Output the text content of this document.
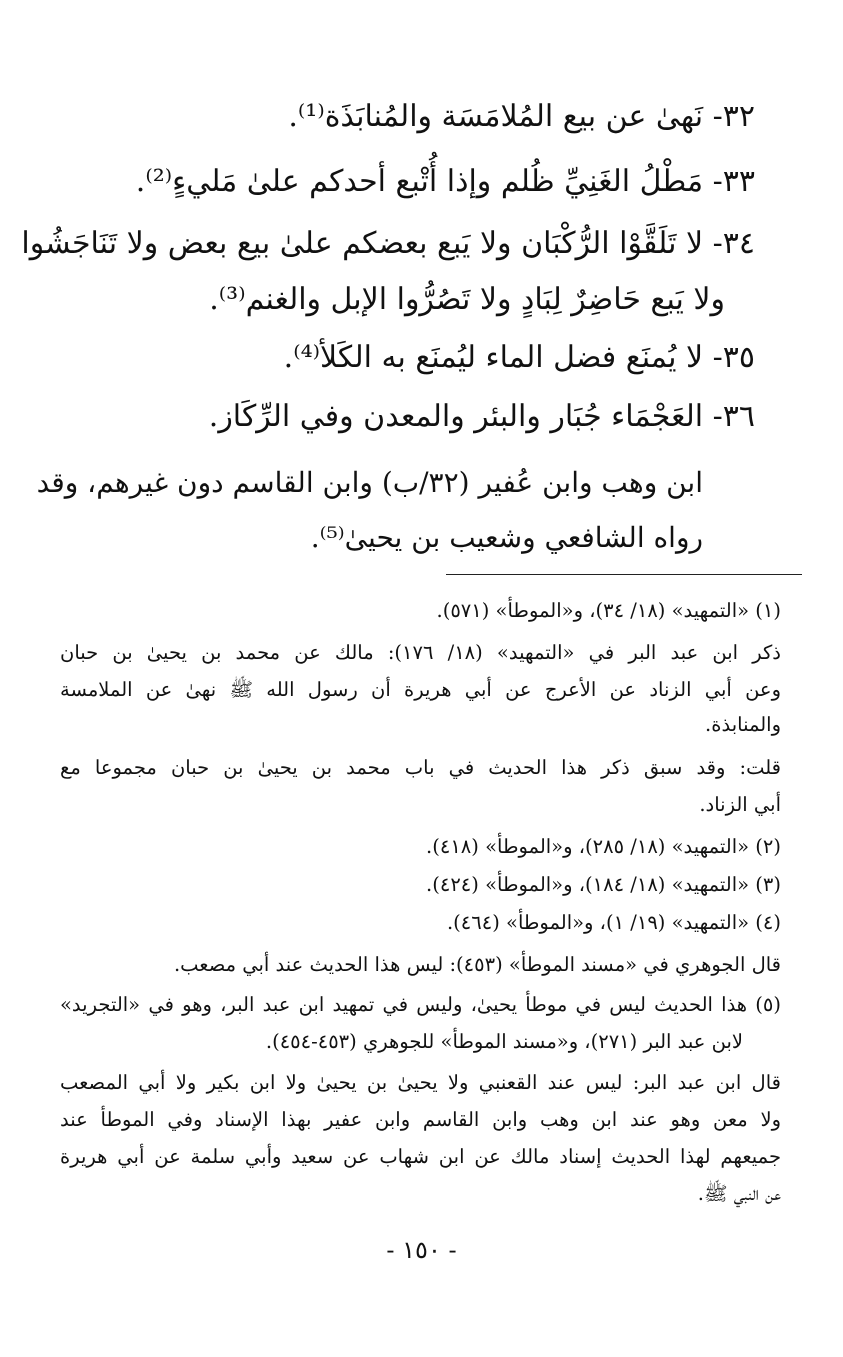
٣٢- نَهىٰ عن بيع المُلامَسَة والمُنابَذَة⁽¹⁾.
٣٣- مَطْلُ الغَنِيِّ ظُلم وإذا أُتْبع أحدكم علىٰ مَليءٍ⁽²⁾.
٣٤- لا تَلَقَّوْا الرُّكْبَان ولا يَبع بعضكم علىٰ بيع بعض ولا تَنَاجَشُوا
ولا يَبع حَاضِرٌ لِبَادٍ ولا تَصُرُّوا الإبل والغنم⁽³⁾.
٣٥- لا يُمنَع فضل الماء ليُمنَع به الكَلأ⁽⁴⁾.
٣٦- العَجْمَاء جُبَار والبئر والمعدن وفي الرِّكَاز.
ابن وهب وابن عُفير (٣٢/ب) وابن القاسم دون غيرهم، وقد
رواه الشافعي وشعيب بن يحيىٰ⁽⁵⁾.
(١) «التمهيد» (١٨/ ٣٤)، و«الموطأ» (٥٧١).
ذكر ابن عبد البر في «التمهيد» (١٨/ ١٧٦): مالك عن محمد بن يحيىٰ بن حبان
وعن أبي الزناد عن الأعرج عن أبي هريرة أن رسول الله ﷺ نهىٰ عن الملامسة
والمنابذة.
قلت: وقد سبق ذكر هذا الحديث في باب محمد بن يحيىٰ بن حبان مجموعا مع
أبي الزناد.
(٢) «التمهيد» (١٨/ ٢٨٥)، و«الموطأ» (٤١٨).
(٣) «التمهيد» (١٨/ ١٨٤)، و«الموطأ» (٤٢٤).
(٤) «التمهيد» (١٩/ ١)، و«الموطأ» (٤٦٤).
قال الجوهري في «مسند الموطأ» (٤٥٣): ليس هذا الحديث عند أبي مصعب.
(٥) هذا الحديث ليس في موطأ يحيىٰ، وليس في تمهيد ابن عبد البر، وهو في «التجريد»
لابن عبد البر (٢٧١)، و«مسند الموطأ» للجوهري (٤٥٣-٤٥٤).
قال ابن عبد البر: ليس عند القعنبي ولا يحيىٰ بن يحيىٰ ولا ابن بكير ولا أبي المصعب
ولا معن وهو عند ابن وهب وابن القاسم وابن عفير بهذا الإسناد وفي الموطأ عند
جميعهم لهذا الحديث إسناد مالك عن ابن شهاب عن سعيد وأبي سلمة عن أبي هريرة
عن النبي ﷺ.
- ١٥٠ -
